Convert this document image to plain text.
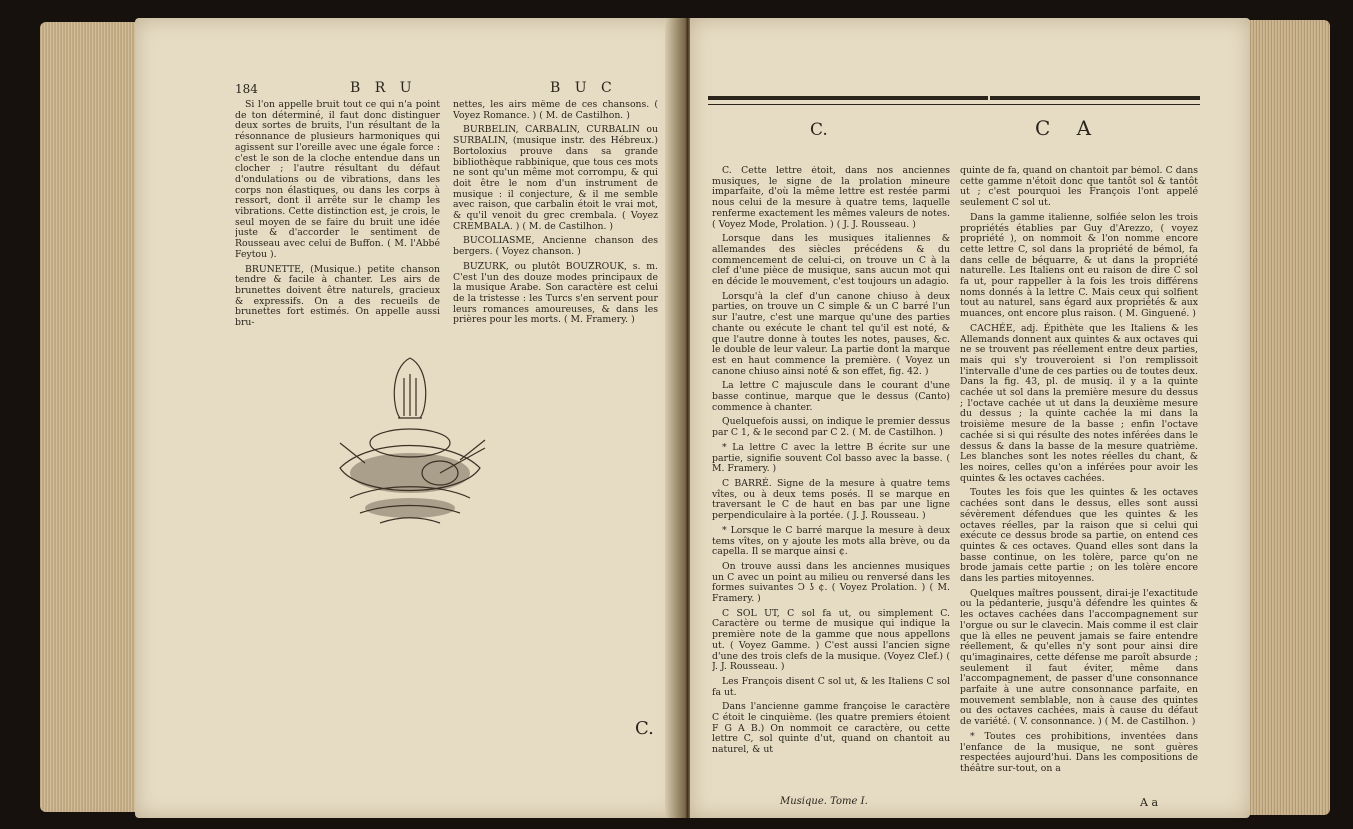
184	B R U	B U C

Si l'on appelle bruit tout ce qui n'a point de ton déterminé, il faut donc distinguer deux sortes de bruits, l'un résultant de la résonnance de plusieurs harmoniques qui agissent sur l'oreille avec une égale force : c'est le son de la cloche entendue dans un clocher ; l'autre résultant du défaut d'ondulations ou de vibrations, dans les corps non élastiques, ou dans les corps à ressort, dont il arrête sur le champ les vibrations. Cette distinction est, je crois, le seul moyen de se faire du bruit une idée juste & d'accorder le sentiment de Rousseau avec celui de Buffon. ( M. l'Abbé Feytou ).

BRUNETTE, (Musique.) petite chanson tendre & facile à chanter. Les airs de brunettes doivent être naturels, gracieux & expressifs. On a des recueils de brunettes fort estimés. On appelle aussi bru-

nettes, les airs même de ces chansons. ( Voyez Romance. ) ( M. de Castilhon. )

BURBELIN, CARBALIN, CURBALIN ou SURBALIN, (musique instr. des Hébreux.) Bortoloxius prouve dans sa grande bibliothèque rabbinique, que tous ces mots ne sont qu'un même mot corrompu, & qui doit être le nom d'un instrument de musique : il conjecture, & il me semble avec raison, que carbalin étoit le vrai mot, & qu'il venoit du grec crembala. ( Voyez CREMBALA. ) ( M. de Castilhon. )

BUCOLIASME, Ancienne chanson des bergers. ( Voyez chanson. )

BUZURK, ou plutôt BOUZROUK, s. m. C'est l'un des douze modes principaux de la musique Arabe. Son caractère est celui de la tristesse : les Turcs s'en servent pour leurs romances amoureuses, & dans les prières pour les morts. ( M. Framery. )

C.
C.	C A

C. Cette lettre étoit, dans nos anciennes musiques, le signe de la prolation mineure imparfaite, d'où la même lettre est restée parmi nous celui de la mesure à quatre tems, laquelle renferme exactement les mêmes valeurs de notes. ( Voyez Mode, Prolation. ) ( J. J. Rousseau. )

Lorsque dans les musiques italiennes & allemandes des siècles précédens & du commencement de celui-ci, on trouve un C à la clef d'une pièce de musique, sans aucun mot qui en décide le mouvement, c'est toujours un adagio.

Lorsqu'à la clef d'un canone chiuso à deux parties, on trouve un C simple & un C barré l'un sur l'autre, c'est une marque qu'une des parties chante ou exécute le chant tel qu'il est noté, & que l'autre donne à toutes les notes, pauses, &c. le double de leur valeur. La partie dont la marque est en haut commence la première. ( Voyez un canone chiuso ainsi noté & son effet, fig. 42. )

La lettre C majuscule dans le courant d'une basse continue, marque que le dessus (Canto) commence à chanter.

Quelquefois aussi, on indique le premier dessus par C 1, & le second par C 2. ( M. de Castilhon. )

* La lettre C avec la lettre B écrite sur une partie, signifie souvent Col basso avec la basse. ( M. Framery. )

C BARRÉ. Signe de la mesure à quatre tems vîtes, ou à deux tems posés. Il se marque en traversant le C de haut en bas par une ligne perpendiculaire à la portée. ( J. J. Rousseau. )

* Lorsque le C barré marque la mesure à deux tems vîtes, on y ajoute les mots alla brève, ou da capella. Il se marque ainsi ¢.

On trouve aussi dans les anciennes musiques un C avec un point au milieu ou renversé dans les formes suivantes Ↄ ʖ ¢. ( Voyez Prolation. ) ( M. Framery. )

C SOL UT, C sol fa ut, ou simplement C. Caractère ou terme de musique qui indique la première note de la gamme que nous appellons ut. ( Voyez Gamme. ) C'est aussi l'ancien signe d'une des trois clefs de la musique. (Voyez Clef.) ( J. J. Rousseau. )

Les François disent C sol ut, & les Italiens C sol fa ut.

Dans l'ancienne gamme françoise le caractère C étoit le cinquième. (les quatre premiers étoient F G A B.) On nommoit ce caractère, ou cette lettre C, sol quinte d'ut, quand on chantoit au naturel, & ut

quinte de fa, quand on chantoit par bémol. C dans cette gamme n'étoit donc que tantôt sol & tantôt ut ; c'est pourquoi les François l'ont appelé seulement C sol ut.

Dans la gamme italienne, solfiée selon les trois propriétés établies par Guy d'Arezzo, ( voyez propriété ), on nommoit & l'on nomme encore cette lettre C, sol dans la propriété de bémol, fa dans celle de béquarre, & ut dans la propriété naturelle. Les Italiens ont eu raison de dire C sol fa ut, pour rappeller à la fois les trois différens noms donnés à la lettre C. Mais ceux qui solfient tout au naturel, sans égard aux propriétés & aux muances, ont encore plus raison. ( M. Ginguené. )

CACHÉE, adj. Épithète que les Italiens & les Allemands donnent aux quintes & aux octaves qui ne se trouvent pas réellement entre deux parties, mais qui s'y trouveroient si l'on remplissoit l'intervalle d'une de ces parties ou de toutes deux. Dans la fig. 43, pl. de musiq. il y a la quinte cachée ut sol dans la première mesure du dessus ; l'octave cachée ut ut dans la deuxième mesure du dessus ; la quinte cachée la mi dans la troisième mesure de la basse ; enfin l'octave cachée si si qui résulte des notes inférées dans le dessus & dans la basse de la mesure quatrième. Les blanches sont les notes réelles du chant, & les noires, celles qu'on a inférées pour avoir les quintes & les octaves cachées.

Toutes les fois que les quintes & les octaves cachées sont dans le dessus, elles sont aussi sévèrement défendues que les quintes & les octaves réelles, par la raison que si celui qui exécute ce dessus brode sa partie, on entend ces quintes & ces octaves. Quand elles sont dans la basse continue, on les tolère, parce qu'on ne brode jamais cette partie ; on les tolère encore dans les parties mitoyennes.

Quelques maîtres poussent, dirai-je l'exactitude ou la pédanterie, jusqu'à défendre les quintes & les octaves cachées dans l'accompagnement sur l'orgue ou sur le clavecin. Mais comme il est clair que là elles ne peuvent jamais se faire entendre réellement, & qu'elles n'y sont pour ainsi dire qu'imaginaires, cette défense me paroît absurde ; seulement il faut éviter, même dans l'accompagnement, de passer d'une consonnance parfaite à une autre consonnance parfaite, en mouvement semblable, non à cause des quintes ou des octaves cachées, mais à cause du défaut de variété. ( V. consonnance. ) ( M. de Castilhon. )

* Toutes ces prohibitions, inventées dans l'enfance de la musique, ne sont guères respectées aujourd'hui. Dans les compositions de théâtre sur-tout, on a

Musique. Tome I.	A a
